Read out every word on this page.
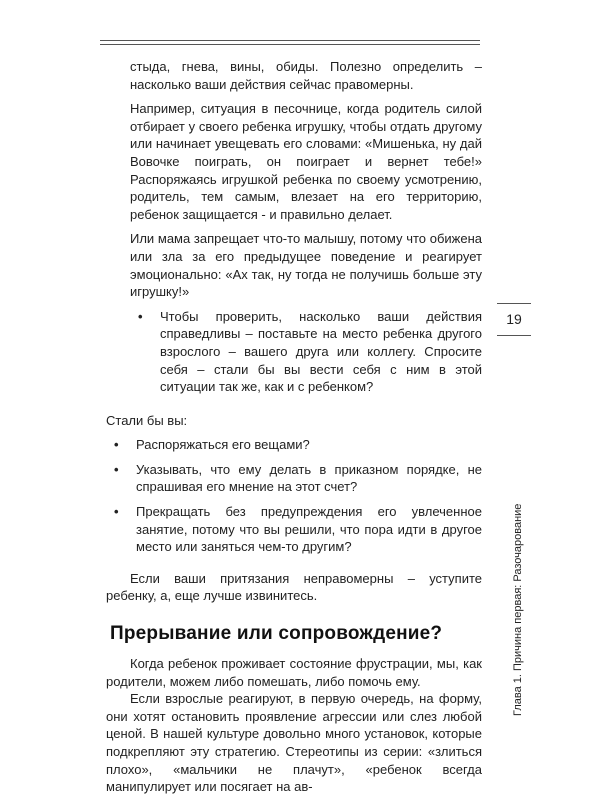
стыда, гнева, вины, обиды. Полезно определить – насколько ваши действия сейчас правомерны.

Например, ситуация в песочнице, когда родитель силой отбирает у своего ребенка игрушку, чтобы отдать другому или начинает увещевать его словами: «Мишенька, ну дай Вовочке поиграть, он поиграет и вернет тебе!» Распоряжаясь игрушкой ребенка по своему усмотрению, родитель, тем самым, влезает на его территорию, ребенок защищается - и правильно делает.

Или мама запрещает что-то малышу, потому что обижена или зла за его предыдущее поведение и реагирует эмоционально: «Ах так, ну тогда не получишь больше эту игрушку!»

• Чтобы проверить, насколько ваши действия справедливы – поставьте на место ребенка другого взрослого – вашего друга или коллегу. Спросите себя – стали бы вы вести себя с ним в этой ситуации так же, как и с ребенком?

Стали бы вы:

• Распоряжаться его вещами?
• Указывать, что ему делать в приказном порядке, не спрашивая его мнение на этот счет?
• Прекращать без предупреждения его увлеченное занятие, потому что вы решили, что пора идти в другое место или заняться чем-то другим?

Если ваши притязания неправомерны – уступите ребенку, а, еще лучше извинитесь.

Прерывание или сопровождение?

Когда ребенок проживает состояние фрустрации, мы, как родители, можем либо помешать, либо помочь ему.

Если взрослые реагируют, в первую очередь, на форму, они хотят остановить проявление агрессии или слез любой ценой. В нашей культуре довольно много установок, которые подкрепляют эту стратегию. Стереотипы из серии: «злиться плохо», «мальчики не плачут», «ребенок всегда манипулирует или посягает на ав-

19
Глава 1. Причина первая: Разочарование
